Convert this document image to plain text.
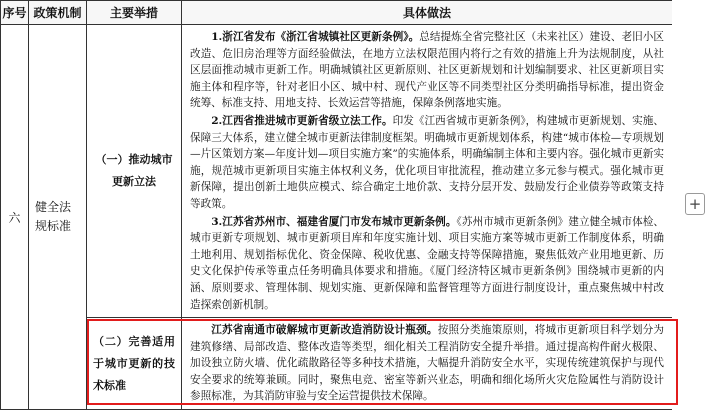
序号	政策机制	主要举措	具体做法
六	健全法规标准	（一）推动城市更新立法	1.浙江省发布《浙江省城镇社区更新条例》。总结提炼全省完整社区（未来社区）建设、老旧小区改造、危旧房治理等方面经验做法，在地方立法权限范围内将行之有效的措施上升为法规制度，从社区层面推动城市更新工作。明确城镇社区更新原则、社区更新规划和计划编制要求、社区更新项目实施主体和程序等，针对老旧小区、城中村、现代产业区等不同类型社区分类明确指导标准，提出资金统筹、标准支持、用地支持、长效运营等措施，保障条例落地实施。

2.江西省推进城市更新省级立法工作。印发《江西省城市更新条例》，构建城市更新规划、实施、保障三大体系，建立健全城市更新法律制度框架。明确城市更新规划体系，构建“城市体检—专项规划—片区策划方案—年度计划—项目实施方案”的实施体系，明确编制主体和主要内容。强化城市更新实施，规范城市更新项目实施主体权利义务，优化项目审批流程，推动建立多元参与模式。强化城市更新保障，提出创新土地供应模式、综合确定土地价款、支持分层开发、鼓励发行企业债券等政策支持等政策。

3.江苏省苏州市、福建省厦门市发布城市更新条例。《苏州市城市更新条例》建立健全城市体检、城市更新专项规划、城市更新项目库和年度实施计划、项目实施方案等城市更新工作制度体系，明确土地利用、规划指标优化、资金保障、税收优惠、金融支持等保障措施，聚焦低效产业用地更新、历史文化保护传承等重点任务明确具体要求和措施。《厦门经济特区城市更新条例》围绕城市更新的内涵、原则要求、管理体制、规划实施、更新保障和监督管理等方面进行制度设计，重点聚焦城中村改造探索创新机制。

		（二）完善适用于城市更新的技术标准	江苏省南通市破解城市更新改造消防设计瓶颈。按照分类施策原则，将城市更新项目科学划分为建筑修缮、局部改造、整体改造等类型，细化相关工程消防安全提升举措。通过提高构件耐火极限、加设独立防火墙、优化疏散路径等多种技术措施，大幅提升消防安全水平，实现传统建筑保护与现代安全要求的统筹兼顾。同时，聚焦电竞、密室等新兴业态，明确和细化场所火灾危险属性与消防设计参照标准，为其消防审验与安全运营提供技术保障。

+
